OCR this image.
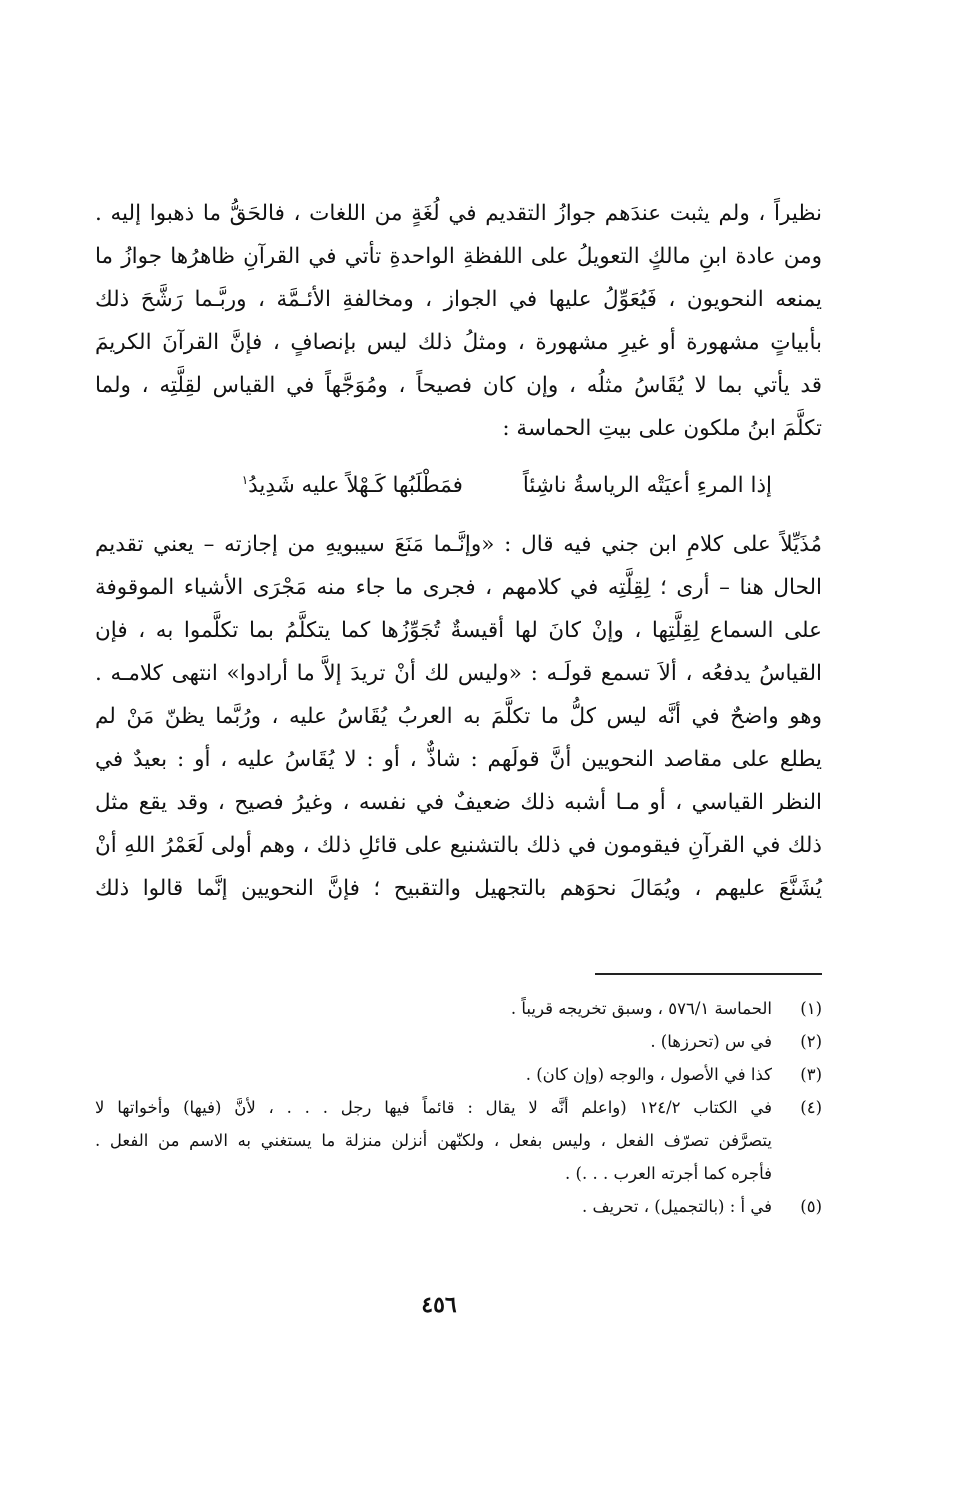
نظيراً ، ولم يثبت عندَهم جوازُ التقديم في لُغَةٍ من اللغات ، فالحَقُّ ما ذهبوا إليه .
ومن عادة ابنِ مالكٍ التعويلُ على اللفظةِ الواحدةِ تأتي في القرآنِ ظاهرُها جوازُ ما
يمنعه النحويون ، فَيُعَوِّلُ عليها في الجواز ، ومخالفةِ الأئـمَّة ، وربَّـما رَشَّحَ ذلك
بأبياتٍ مشهورة أو غيرِ مشهورة ، ومثلُ ذلك ليس بإنصافٍ ، فإنَّ القرآنَ الكريمَ
قد يأتي بما لا يُقَاسُ مثلُه ، وإن كان فصيحاً ، ومُوَجَّهاً في القياس لقِلَّتِه ، ولما
تكلَّمَ ابنُ ملكون على بيتِ الحماسة :
إذا المرءِ أعيَتْه الرياسةُ ناشِئاً
فمَطْلَبُها كَـهْلاً عليه شَدِيدُ$^١$
مُذَيِّلاً على كلامِ ابن جني فيه قال : «وإنَّـما مَنَعَ سيبويهِ من إجازته – يعني تقديم
الحال هنا – أرى ؛ لِقِلَّتِه في كلامهم ، فجرى ما جاء منه مَجْرَى الأشياء الموقوفة
على السماع لِقِلَّتِها ، وإنْ كانَ لها أقيسةٌ تُجَوِّزُها كما يتكلَّمُ بما تكلَّموا به ، فإن
القياسُ يدفعُه ، ألاَ تسمع قولَـه : «وليس لك أنْ تريدَ إلاَّ ما أرادوا» انتهى كلامـه .
وهو واضحٌ في أنَّه ليس كلُّ ما تكلَّمَ به العربُ يُقَاسُ عليه ، ورُبَّما يظنّ مَنْ لم
يطلع على مقاصد النحويين أنَّ قولَهم : شاذٌّ ، أو : لا يُقَاسُ عليه ، أو : بعيدٌ في
النظر القياسي ، أو مـا أشبه ذلك ضعيفٌ في نفسه ، وغيرُ فصيح ، وقد يقع مثل
ذلك في القرآنِ فيقومون في ذلك بالتشنيع على قائلِ ذلك ، وهم أولى لَعَمْرُ اللهِ أنْ
يُشَنَّعَ عليهم ، ويُمَالَ نحوَهم بالتجهيل والتقبيح ؛ فإنَّ النحويين إنَّما قالوا ذلك
(١)
الحماسة ٥٧٦/١ ، وسبق تخريجه قريباً .
(٢)
في س (تحرزها) .
(٣)
كذا في الأصول ، والوجه (وإن كان) .
(٤)
في الكتاب ١٢٤/٢ (واعلم أنَّه لا يقال : قائماً فيها رجل . . . ، لأنَّ (فيها) وأخواتها لا
يتصرَّفن تصرّف الفعل ، وليس بفعل ، ولكنّهن أنزلن منزلة ما يستغني به الاسم من الفعل .
فأجره كما أجرته العرب . . .) .
(٥)
في أ : (بالتجميل) ، تحريف .
٤٥٦
